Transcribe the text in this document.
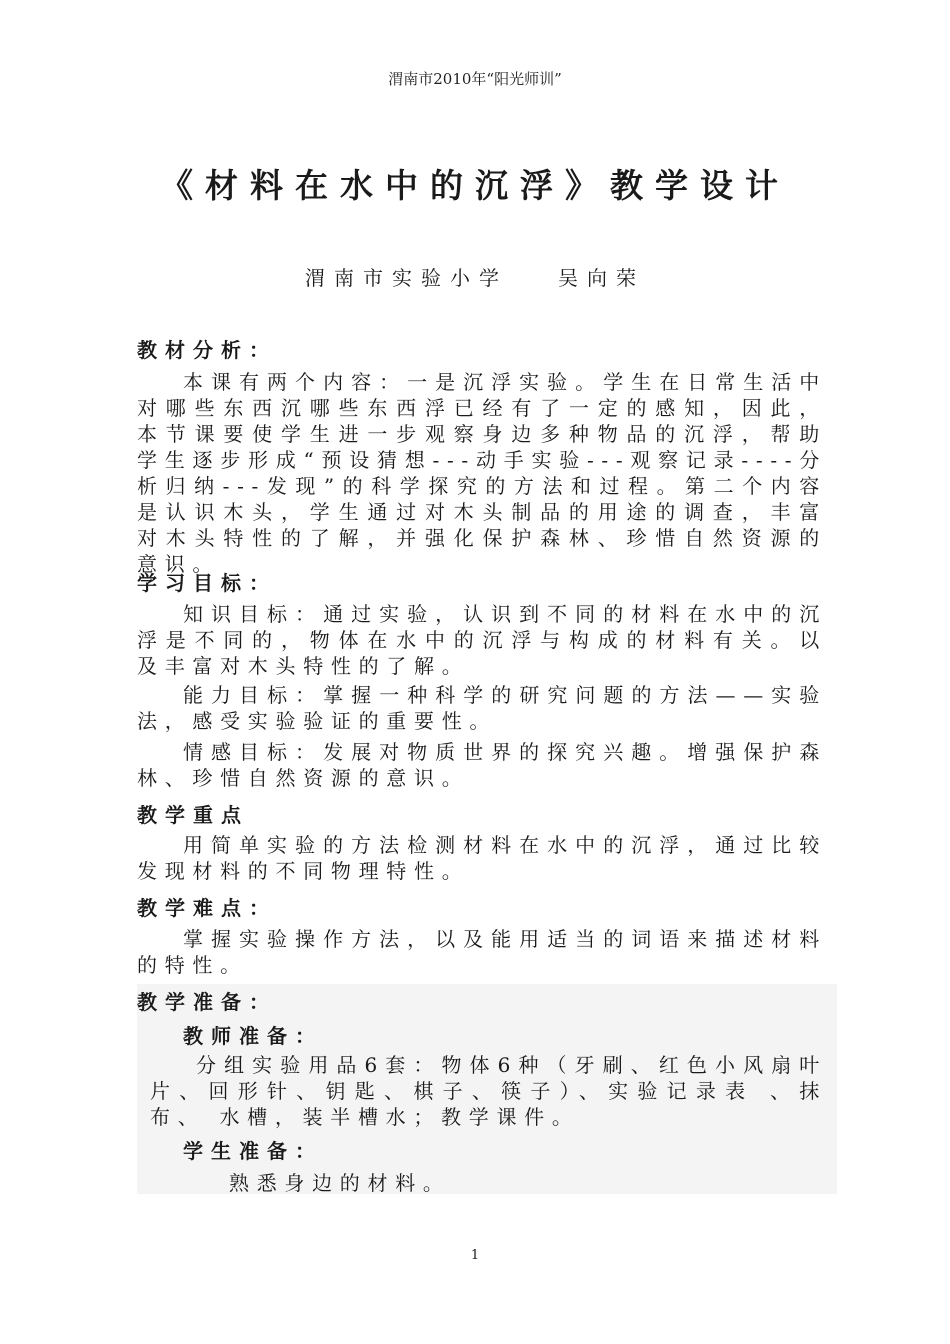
渭南市2010年“阳光师训”
《材料在水中的沉浮》教学设计
渭南市实验小学	吴向荣
教材分析：

本课有两个内容：一是沉浮实验。学生在日常生活中对哪些东西沉哪些东西浮已经有了一定的感知，因此，本节课要使学生进一步观察身边多种物品的沉浮，帮助学生逐步形成“预设猜想---动手实验---观察记录----分析归纳---发现”的科学探究的方法和过程。第二个内容是认识木头，学生通过对木头制品的用途的调查，丰富对木头特性的了解，并强化保护森林、珍惜自然资源的意识。

学习目标：

知识目标：通过实验，认识到不同的材料在水中的沉浮是不同的，物体在水中的沉浮与构成的材料有关。以及丰富对木头特性的了解。

能力目标：掌握一种科学的研究问题的方法——实验法，感受实验验证的重要性。

情感目标：发展对物质世界的探究兴趣。增强保护森林、珍惜自然资源的意识。

教学重点

用简单实验的方法检测材料在水中的沉浮，通过比较发现材料的不同物理特性。

教学难点：

掌握实验操作方法，以及能用适当的词语来描述材料的特性。

教学准备：
教师准备：

分组实验用品6套：物体6种（牙刷、红色小风扇叶片、回形针、钥匙、棋子、筷子）、实验记录表 、抹布、 水槽，装半槽水；教学课件。

学生准备：

熟悉身边的材料。

1
